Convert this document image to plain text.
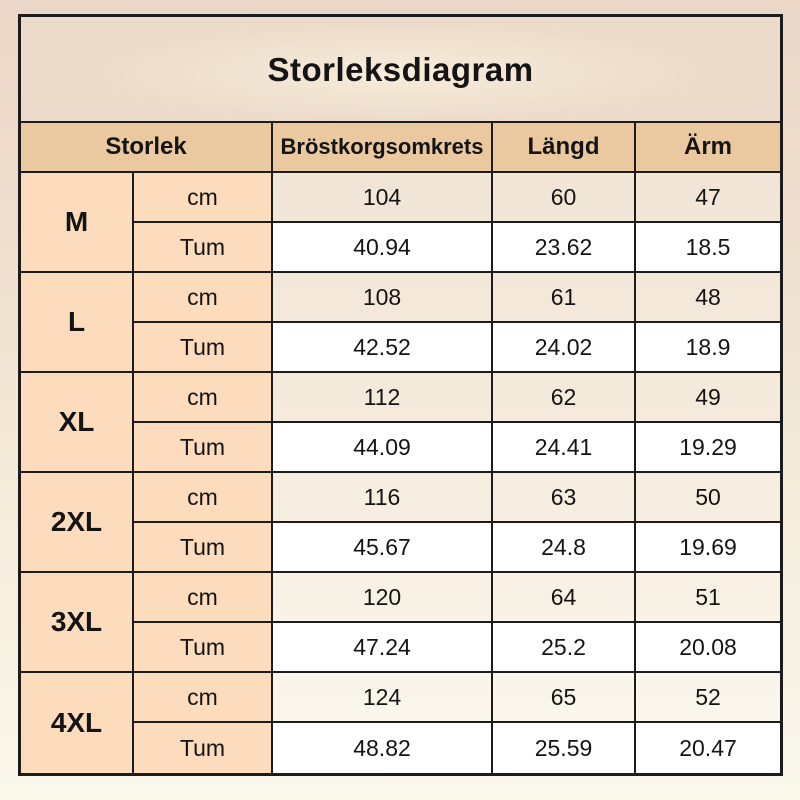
Storleksdiagram
Storlek	Bröstkorgsomkrets	Längd	Ärm
M
cm	104	60	47
Tum	40.94	23.62	18.5
L
cm	108	61	48
Tum	42.52	24.02	18.9
XL
cm	112	62	49
Tum	44.09	24.41	19.29
2XL
cm	116	63	50
Tum	45.67	24.8	19.69
3XL
cm	120	64	51
Tum	47.24	25.2	20.08
4XL
cm	124	65	52
Tum	48.82	25.59	20.47
